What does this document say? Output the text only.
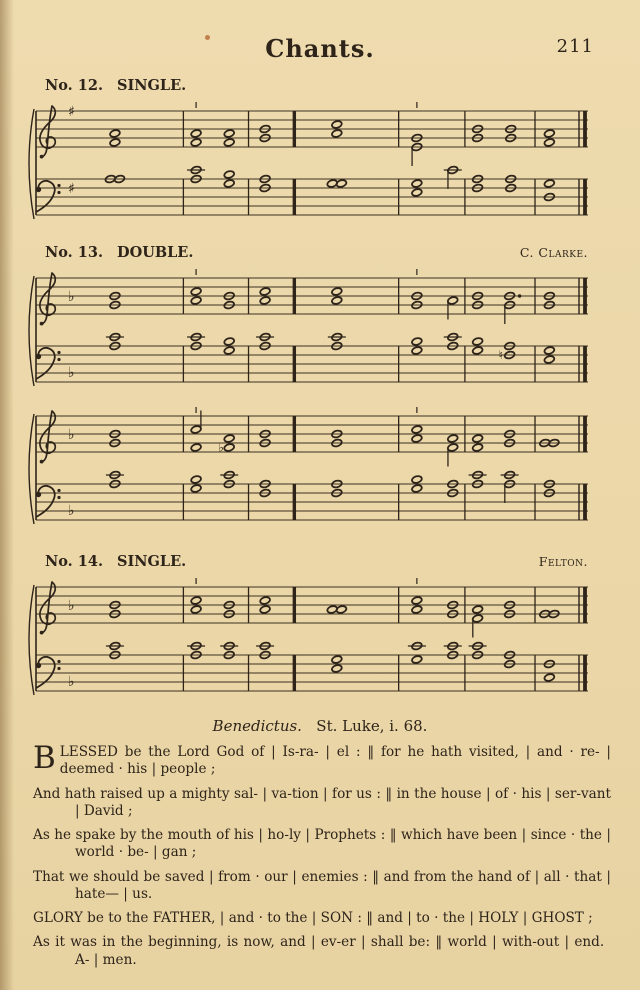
Chants.	211
No. 12. SINGLE.
♯
♯
No. 13. DOUBLE.	C. Clarke.
♭
♭
♮
♭
♭
♭
No. 14. SINGLE.	Felton.
♭
♭
Benedictus. St. Luke, i. 68.

BLESSED be the Lord God of | Is-ra- | el : ‖ for he hath visited, | and · re- | deemed · his | people ;

And hath raised up a mighty sal- | va-tion | for us : ‖ in the house | of · his | ser-vant | David ;

As he spake by the mouth of his | ho-ly | Prophets : ‖ which have been | since · the | world · be- | gan ;

That we should be saved | from · our | enemies : ‖ and from the hand of | all · that | hate— | us.

GLORY be to the FATHER, | and · to the | SON : ‖ and | to · the | HOLY | GHOST ;

As it was in the beginning, is now, and | ev-er | shall be: ‖ world | with-out | end.  A- | men.
